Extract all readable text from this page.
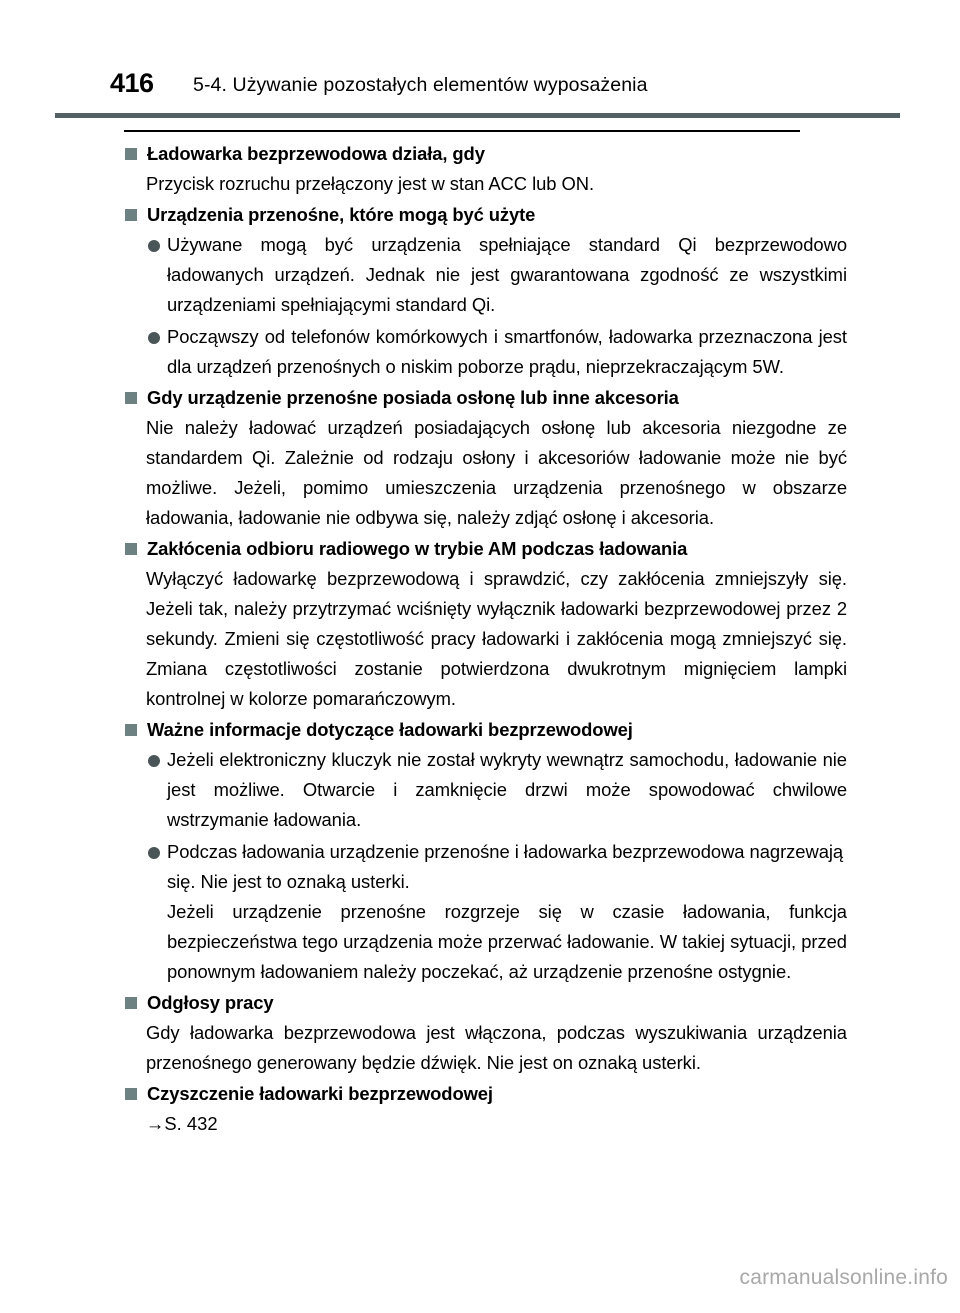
416 5-4. Używanie pozostałych elementów wyposażenia
Ładowarka bezprzewodowa działa, gdy

Przycisk rozruchu przełączony jest w stan ACC lub ON.

Urządzenia przenośne, które mogą być użyte

Używane mogą być urządzenia spełniające standard Qi bezprzewodowo ładowanych urządzeń. Jednak nie jest gwarantowana zgodność ze wszystkimi urządzeniami spełniającymi standard Qi.

Począwszy od telefonów komórkowych i smartfonów, ładowarka przeznaczona jest dla urządzeń przenośnych o niskim poborze prądu, nieprzekraczającym 5W.

Gdy urządzenie przenośne posiada osłonę lub inne akcesoria

Nie należy ładować urządzeń posiadających osłonę lub akcesoria niezgodne ze standardem Qi. Zależnie od rodzaju osłony i akcesoriów ładowanie może nie być możliwe. Jeżeli, pomimo umieszczenia urządzenia przenośnego w obszarze ładowania, ładowanie nie odbywa się, należy zdjąć osłonę i akcesoria.

Zakłócenia odbioru radiowego w trybie AM podczas ładowania

Wyłączyć ładowarkę bezprzewodową i sprawdzić, czy zakłócenia zmniejszyły się. Jeżeli tak, należy przytrzymać wciśnięty wyłącznik ładowarki bezprzewodowej przez 2 sekundy. Zmieni się częstotliwość pracy ładowarki i zakłócenia mogą zmniejszyć się. Zmiana częstotliwości zostanie potwierdzona dwukrotnym mignięciem lampki kontrolnej w kolorze pomarańczowym.

Ważne informacje dotyczące ładowarki bezprzewodowej

Jeżeli elektroniczny kluczyk nie został wykryty wewnątrz samochodu, ładowanie nie jest możliwe. Otwarcie i zamknięcie drzwi może spowodować chwilowe wstrzymanie ładowania.

Podczas ładowania urządzenie przenośne i ładowarka bezprzewodowa nagrzewają się. Nie jest to oznaką usterki.
Jeżeli urządzenie przenośne rozgrzeje się w czasie ładowania, funkcja bezpieczeństwa tego urządzenia może przerwać ładowanie. W takiej sytuacji, przed ponownym ładowaniem należy poczekać, aż urządzenie przenośne ostygnie.

Odgłosy pracy

Gdy ładowarka bezprzewodowa jest włączona, podczas wyszukiwania urządzenia przenośnego generowany będzie dźwięk. Nie jest on oznaką usterki.

Czyszczenie ładowarki bezprzewodowej

→S. 432

carmanualsonline.info
